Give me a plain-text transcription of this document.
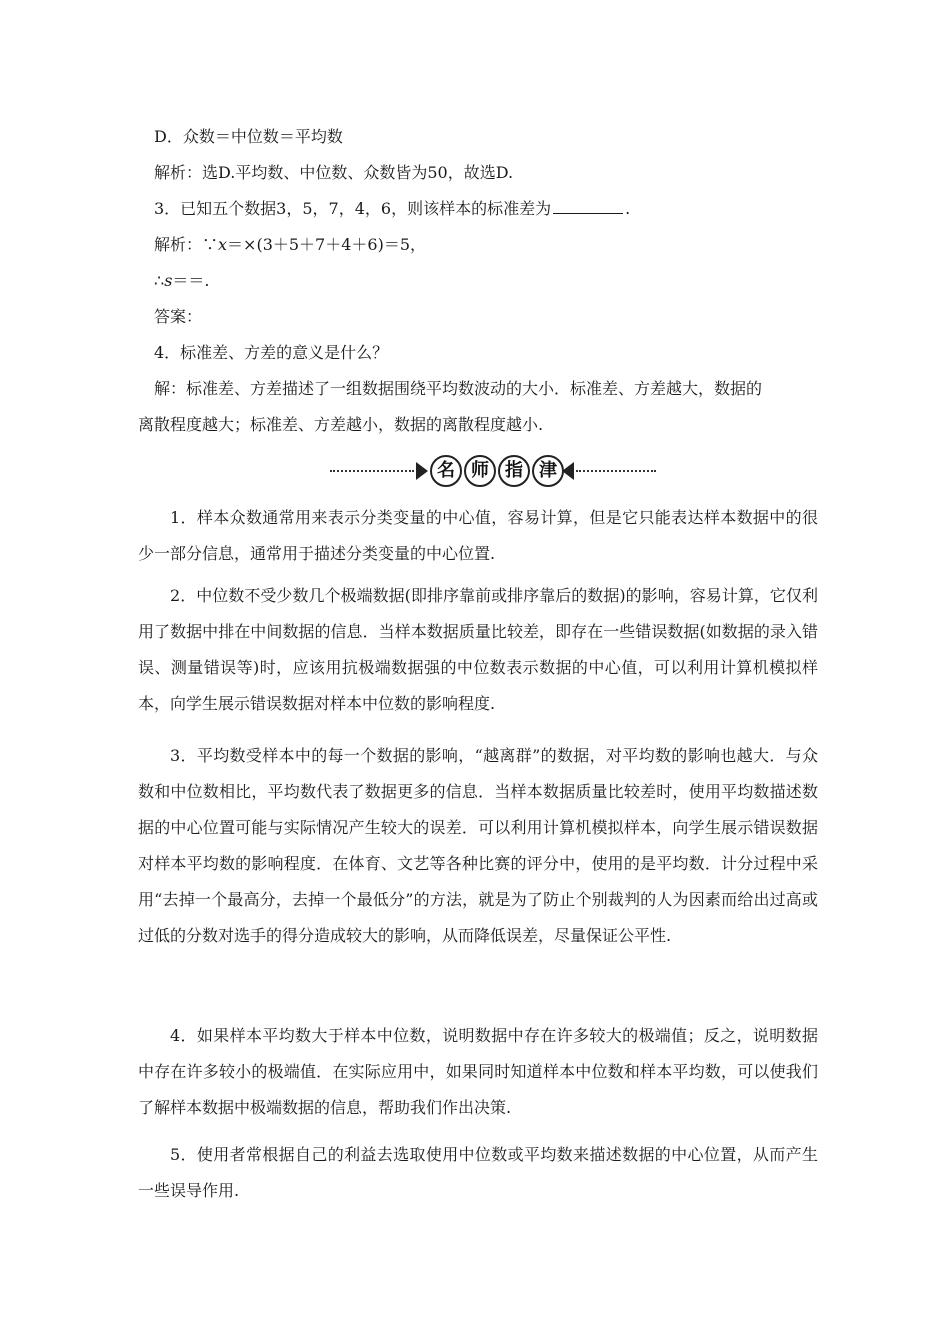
D．众数＝中位数＝平均数
解析：选D.平均数、中位数、众数皆为50，故选D.
3．已知五个数据3，5，7，4，6，则该样本的标准差为	.
解析：∵x＝×(3＋5＋7＋4＋6)＝5，
∴s＝＝.
答案：
4．标准差、方差的意义是什么？
解：标准差、方差描述了一组数据围绕平均数波动的大小．标准差、方差越大，数据的
离散程度越大；标准差、方差越小，数据的离散程度越小.
名 师 指 津
1．样本众数通常用来表示分类变量的中心值，容易计算，但是它只能表达样本数据中的很少一部分信息，通常用于描述分类变量的中心位置.
2．中位数不受少数几个极端数据(即排序靠前或排序靠后的数据)的影响，容易计算，它仅利用了数据中排在中间数据的信息．当样本数据质量比较差，即存在一些错误数据(如数据的录入错误、测量错误等)时，应该用抗极端数据强的中位数表示数据的中心值，可以利用计算机模拟样本，向学生展示错误数据对样本中位数的影响程度.
3．平均数受样本中的每一个数据的影响，“越离群”的数据，对平均数的影响也越大．与众数和中位数相比，平均数代表了数据更多的信息．当样本数据质量比较差时，使用平均数描述数据的中心位置可能与实际情况产生较大的误差．可以利用计算机模拟样本，向学生展示错误数据对样本平均数的影响程度．在体育、文艺等各种比赛的评分中，使用的是平均数．计分过程中采用“去掉一个最高分，去掉一个最低分”的方法，就是为了防止个别裁判的人为因素而给出过高或过低的分数对选手的得分造成较大的影响，从而降低误差，尽量保证公平性.
4．如果样本平均数大于样本中位数，说明数据中存在许多较大的极端值；反之，说明数据中存在许多较小的极端值．在实际应用中，如果同时知道样本中位数和样本平均数，可以使我们了解样本数据中极端数据的信息，帮助我们作出决策.
5．使用者常根据自己的利益去选取使用中位数或平均数来描述数据的中心位置，从而产生一些误导作用.
